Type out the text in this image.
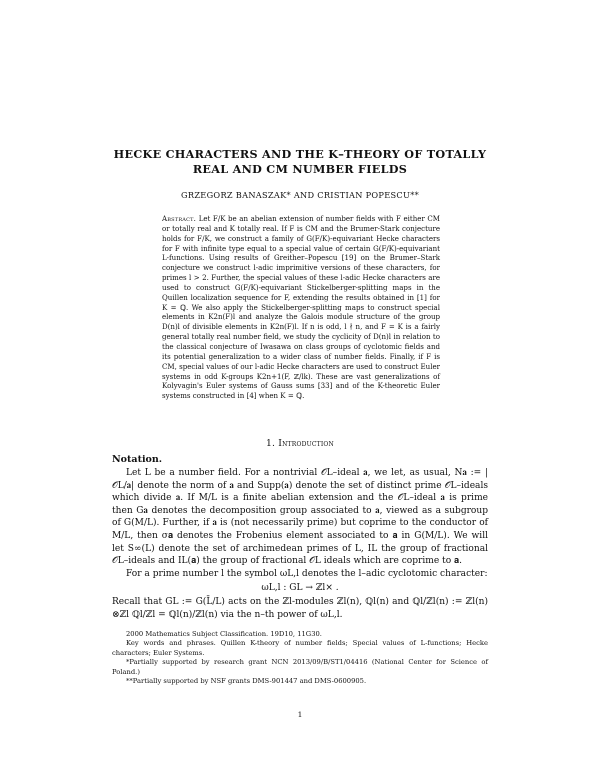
HECKE CHARACTERS AND THE K–THEORY OF TOTALLY
REAL AND CM NUMBER FIELDS
GRZEGORZ BANASZAK* AND CRISTIAN POPESCU**
Abstract. Let F/K be an abelian extension of number fields with F either CM or totally real and K totally real. If F is CM and the Brumer-Stark conjecture holds for F/K, we construct a family of G(F/K)-equivariant Hecke characters for F with infinite type equal to a special value of certain G(F/K)-equivariant L-functions. Using results of Greither–Popescu [19] on the Brumer–Stark conjecture we construct l-adic imprimitive versions of these characters, for primes l > 2. Further, the special values of these l-adic Hecke characters are used to construct G(F/K)-equivariant Stickelberger-splitting maps in the Quillen localization sequence for F, extending the results obtained in [1] for K = ℚ. We also apply the Stickelberger-splitting maps to construct special elements in K2n(F)l and analyze the Galois module structure of the group D(n)l of divisible elements in K2n(F)l. If n is odd, l ∤ n, and F = K is a fairly general totally real number field, we study the cyclicity of D(n)l in relation to the classical conjecture of Iwasawa on class groups of cyclotomic fields and its potential generalization to a wider class of number fields. Finally, if F is CM, special values of our l-adic Hecke characters are used to construct Euler systems in odd K-groups K2n+1(F, ℤ/lk). These are vast generalizations of Kolyvagin's Euler systems of Gauss sums [33] and of the K-theoretic Euler systems constructed in [4] when K = ℚ.
1. Introduction

Notation.

Let L be a number field. For a nontrivial 𝒪L–ideal 𝐚, we let, as usual, N𝐚 := |𝒪L/𝐚| denote the norm of 𝐚 and Supp(𝐚) denote the set of distinct prime 𝒪L–ideals which divide 𝐚. If M/L is a finite abelian extension and the 𝒪L–ideal 𝐚 is prime then G𝐚 denotes the decomposition group associated to 𝐚, viewed as a subgroup of G(M/L). Further, if 𝐚 is (not necessarily prime) but coprime to the conductor of M/L, then σ𝐚 denotes the Frobenius element associated to 𝐚 in G(M/L). We will let S∞(L) denote the set of archimedean primes of L, IL the group of fractional 𝒪L–ideals and IL(𝐚) the group of fractional 𝒪L ideals which are coprime to 𝐚.

For a prime number l the symbol ωL,l denotes the l–adic cyclotomic character:

ωL,l : GL → ℤl× .

Recall that GL := G(L̄/L) acts on the ℤl-modules ℤl(n), ℚl(n) and ℚl/ℤl(n) := ℤl(n) ⊗ℤl ℚl/ℤl = ℚl(n)/ℤl(n) via the n–th power of ωL,l.

2000 Mathematics Subject Classification. 19D10, 11G30.

Key words and phrases. Quillen K-theory of number fields; Special values of L-functions; Hecke characters; Euler Systems.

*Partially supported by research grant NCN 2013/09/B/ST1/04416 (National Center for Science of Poland.)

**Partially supported by NSF grants DMS-901447 and DMS-0600905.

1
